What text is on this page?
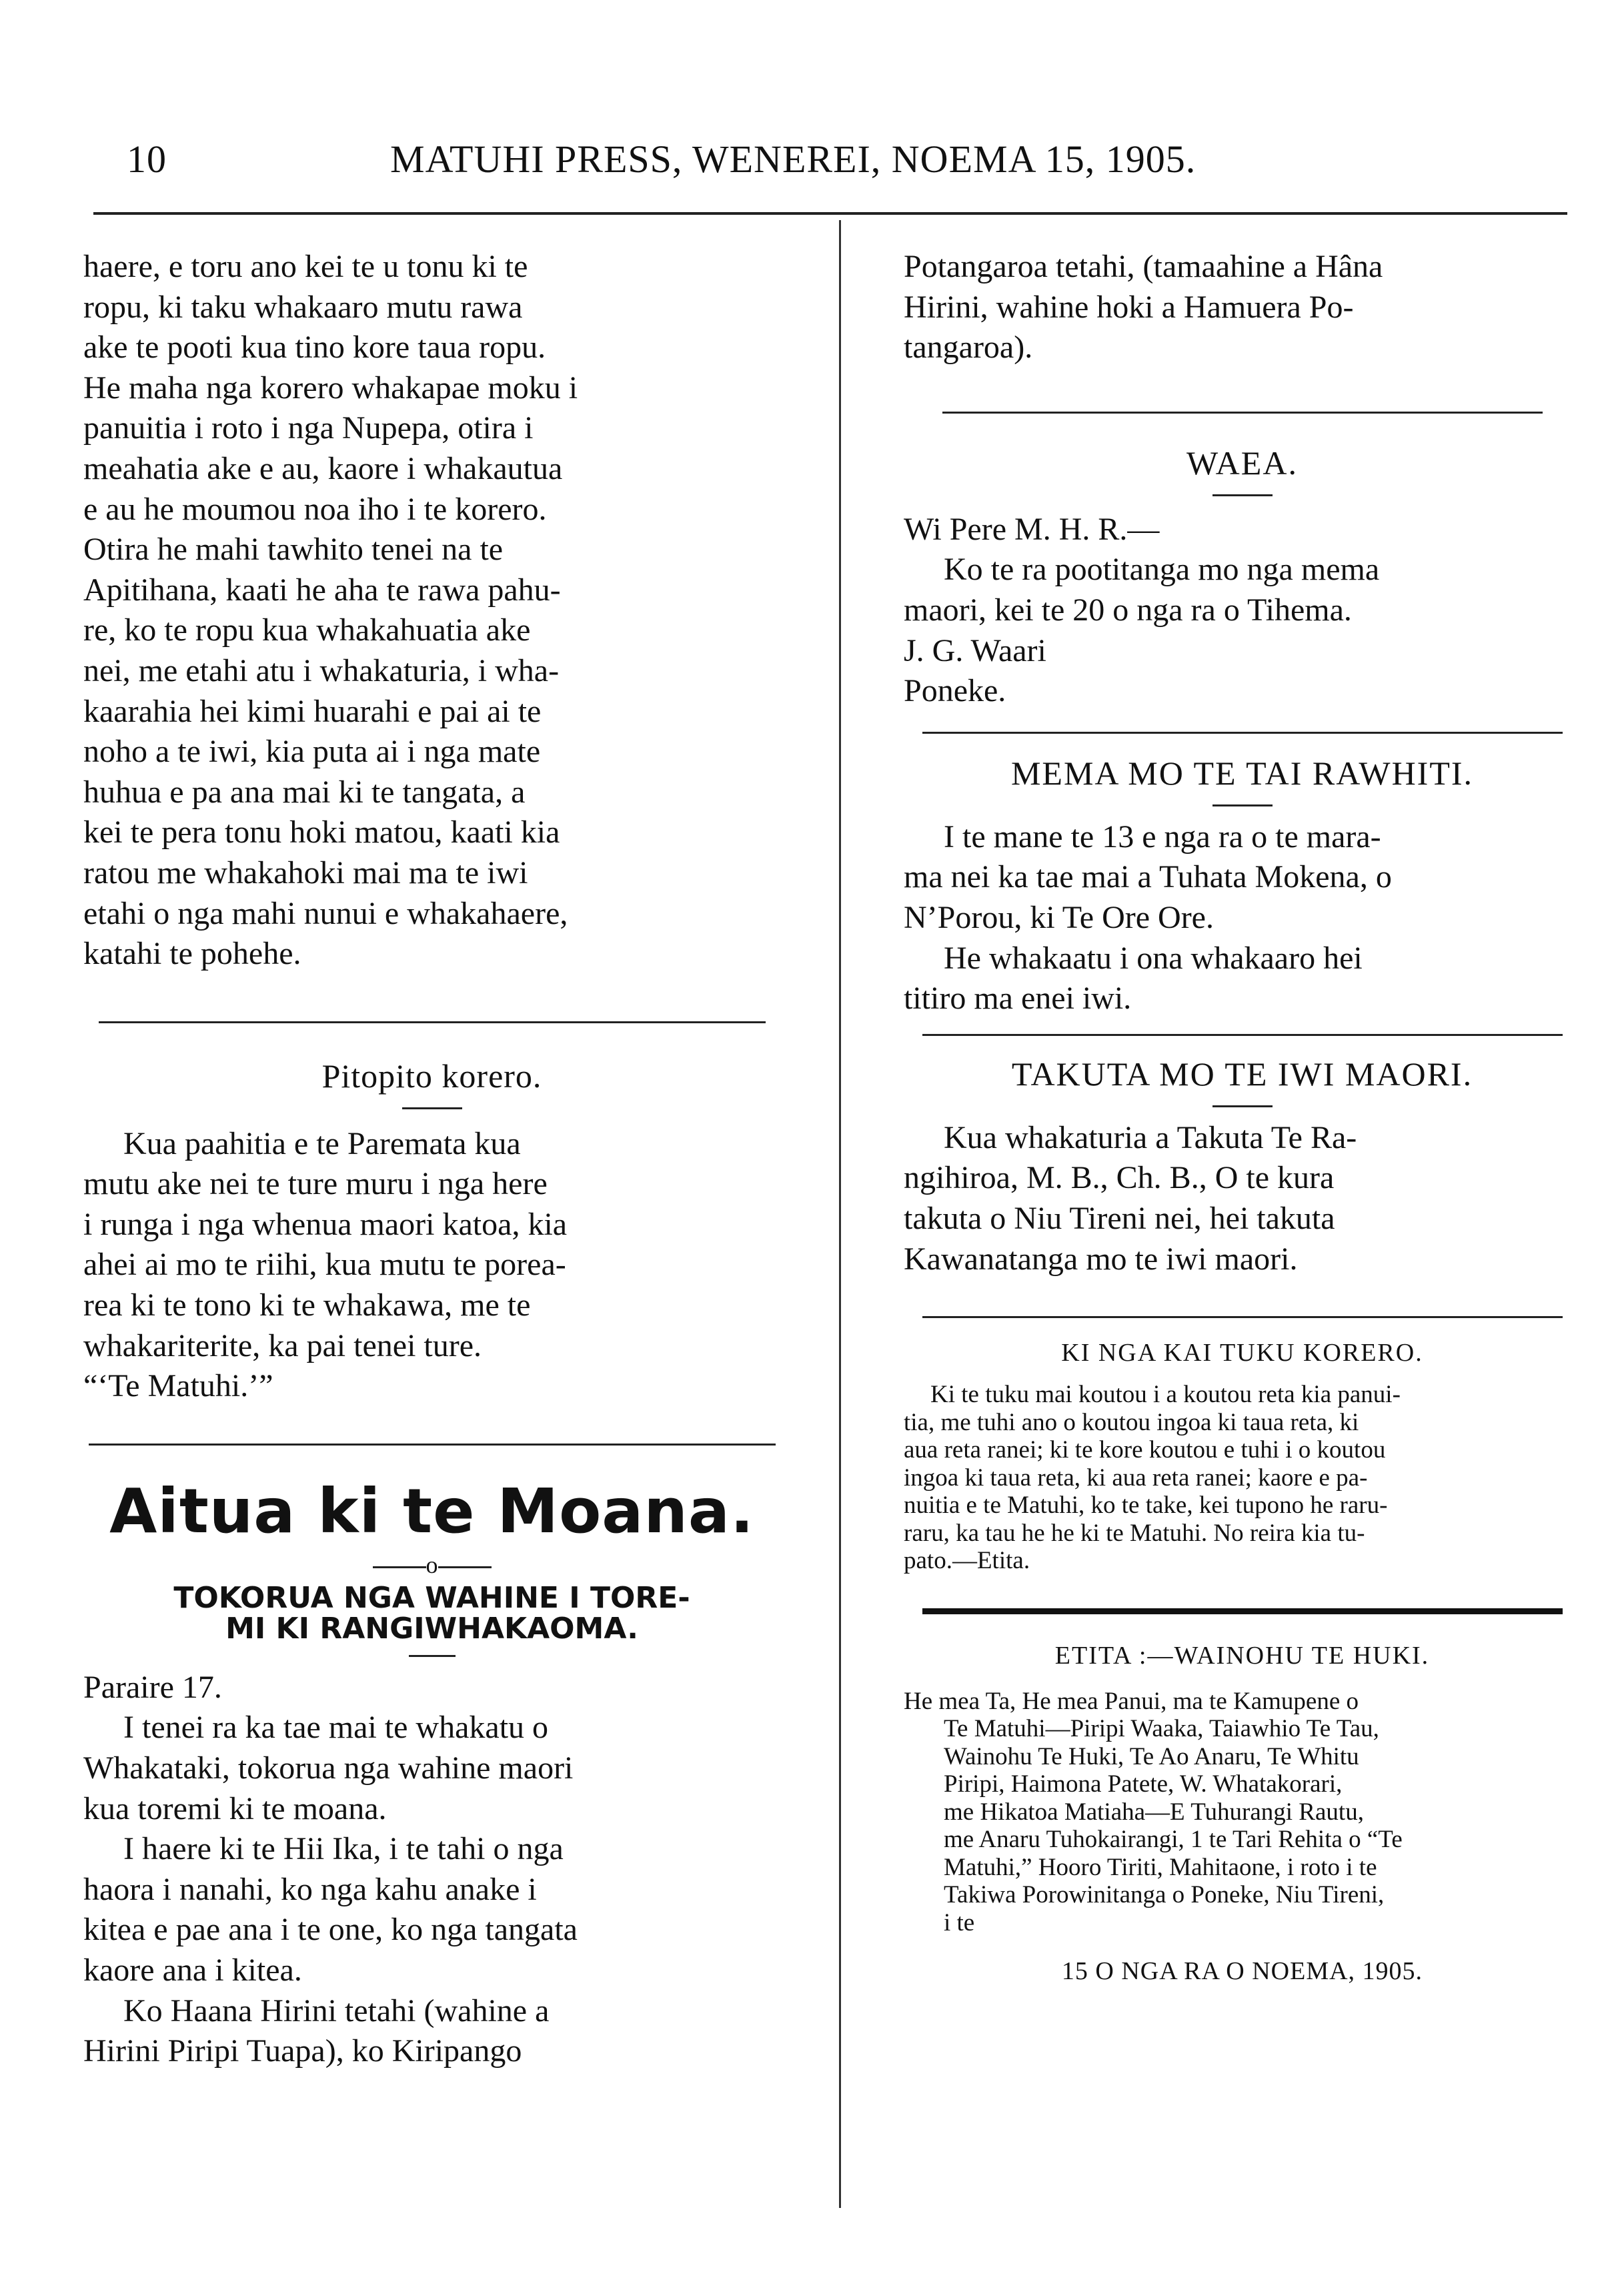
10	MATUHI PRESS, WENEREI, NOEMA 15, 1905.

haere, e toru ano kei te u tonu ki te

ropu, ki taku whakaaro mutu rawa

ake te pooti kua tino kore taua ropu.

He maha nga korero whakapae moku i

panuitia i roto i nga Nupepa, otira i

meahatia ake e au, kaore i whakautua

e au he moumou noa iho i te korero.

Otira he mahi tawhito tenei na te

Apitihana, kaati he aha te rawa pahu-

re, ko te ropu kua whakahuatia ake

nei, me etahi atu i whakaturia, i wha-

kaarahia hei kimi huarahi e pai ai te

noho a te iwi, kia puta ai i nga mate

huhua e pa ana mai ki te tangata, a

kei te pera tonu hoki matou, kaati kia

ratou me whakahoki mai ma te iwi

etahi o nga mahi nunui e whakahaere,

katahi te pohehe.

Pitopito korero.

Kua paahitia e te Paremata kua

mutu ake nei te ture muru i nga here

i runga i nga whenua maori katoa, kia

ahei ai mo te riihi, kua mutu te porea-

rea ki te tono ki te whakawa, me te

whakariterite, ka pai tenei ture.

“‘Te Matuhi.’”

Aitua ki te Moana.

o

TOKORUA NGA WAHINE I TORE-

MI KI RANGIWHAKAOMA.

Paraire 17.

I tenei ra ka tae mai te whakatu o

Whakataki, tokorua nga wahine maori

kua toremi ki te moana.

I haere ki te Hii Ika, i te tahi o nga

haora i nanahi, ko nga kahu anake i

kitea e pae ana i te one, ko nga tangata

kaore ana i kitea.

Ko Haana Hirini tetahi (wahine a

Hirini Piripi Tuapa), ko Kiripango

Potangaroa tetahi, (tamaahine a Hâna

Hirini, wahine hoki a Hamuera Po-

tangaroa).

WAEA.

Wi Pere M. H. R.—

Ko te ra pootitanga mo nga mema

maori, kei te 20 o nga ra o Tihema.

J. G. Waari

Poneke.

MEMA MO TE TAI RAWHITI.

I te mane te 13 e nga ra o te mara-

ma nei ka tae mai a Tuhata Mokena, o

N’Porou, ki Te Ore Ore.

He whakaatu i ona whakaaro hei

titiro ma enei iwi.

TAKUTA MO TE IWI MAORI.

Kua whakaturia a Takuta Te Ra-

ngihiroa, M. B., Ch. B., O te kura

takuta o Niu Tireni nei, hei takuta

Kawanatanga mo te iwi maori.

KI NGA KAI TUKU KORERO.

Ki te tuku mai koutou i a koutou reta kia panui-

tia, me tuhi ano o koutou ingoa ki taua reta, ki

aua reta ranei; ki te kore koutou e tuhi i o koutou

ingoa ki taua reta, ki aua reta ranei; kaore e pa-

nuitia e te Matuhi, ko te take, kei tupono he raru-

raru, ka tau he he ki te Matuhi. No reira kia tu-

pato.—Etita.

ETITA :—WAINOHU TE HUKI.

He mea Ta, He mea Panui, ma te Kamupene o

Te Matuhi—Piripi Waaka, Taiawhio Te Tau,

Wainohu Te Huki, Te Ao Anaru, Te Whitu

Piripi, Haimona Patete, W. Whatakorari,

me Hikatoa Matiaha—E Tuhurangi Rautu,

me Anaru Tuhokairangi, 1 te Tari Rehita o “Te

Matuhi,” Hooro Tiriti, Mahitaone, i roto i te

Takiwa Porowinitanga o Poneke, Niu Tireni,

i te

15 O NGA RA O NOEMA, 1905.
